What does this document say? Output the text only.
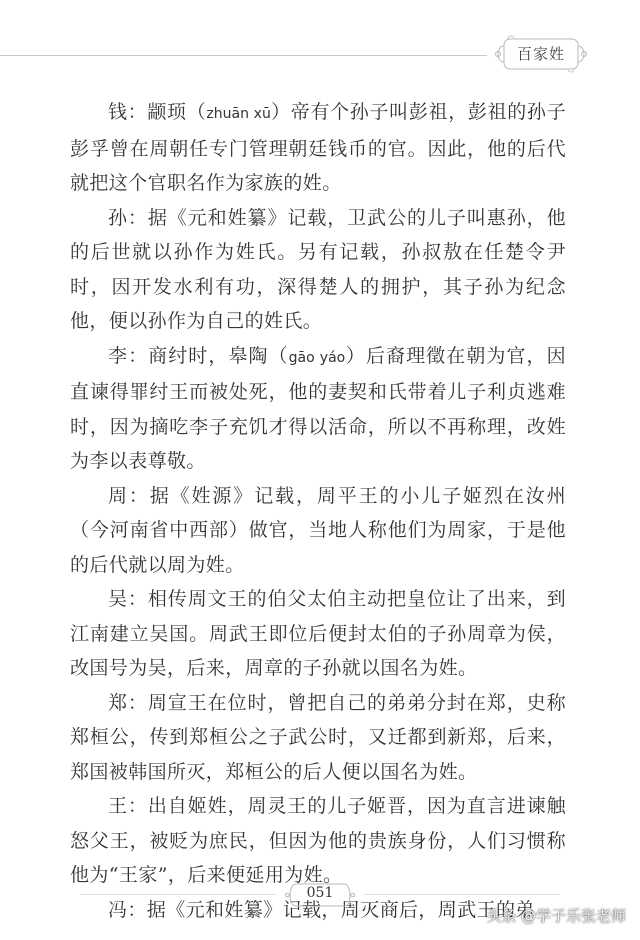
百家姓

钱：颛顼（zhuān xū）帝有个孙子叫彭祖，彭祖的孙子彭孚曾在周朝任专门管理朝廷钱币的官。因此，他的后代就把这个官职名作为家族的姓。

孙：据《元和姓纂》记载，卫武公的儿子叫惠孙，他的后世就以孙作为姓氏。另有记载，孙叔敖在任楚令尹时，因开发水利有功，深得楚人的拥护，其子孙为纪念他，便以孙作为自己的姓氏。

李：商纣时，皋陶（gāo yáo）后裔理徵在朝为官，因直谏得罪纣王而被处死，他的妻契和氏带着儿子利贞逃难时，因为摘吃李子充饥才得以活命，所以不再称理，改姓为李以表尊敬。

周：据《姓源》记载，周平王的小儿子姬烈在汝州（今河南省中西部）做官，当地人称他们为周家，于是他的后代就以周为姓。

吴：相传周文王的伯父太伯主动把皇位让了出来，到江南建立吴国。周武王即位后便封太伯的子孙周章为侯，改国号为吴，后来，周章的子孙就以国名为姓。

郑：周宣王在位时，曾把自己的弟弟分封在郑，史称郑桓公，传到郑桓公之子武公时，又迁都到新郑，后来，郑国被韩国所灭，郑桓公的后人便以国名为姓。

王：出自姬姓，周灵王的儿子姬晋，因为直言进谏触怒父王，被贬为庶民，但因为他的贵族身份，人们习惯称他为“王家”，后来便延用为姓。

冯：据《元和姓纂》记载，周灭商后，周武王的弟

051
头条 @学子乐张老师
